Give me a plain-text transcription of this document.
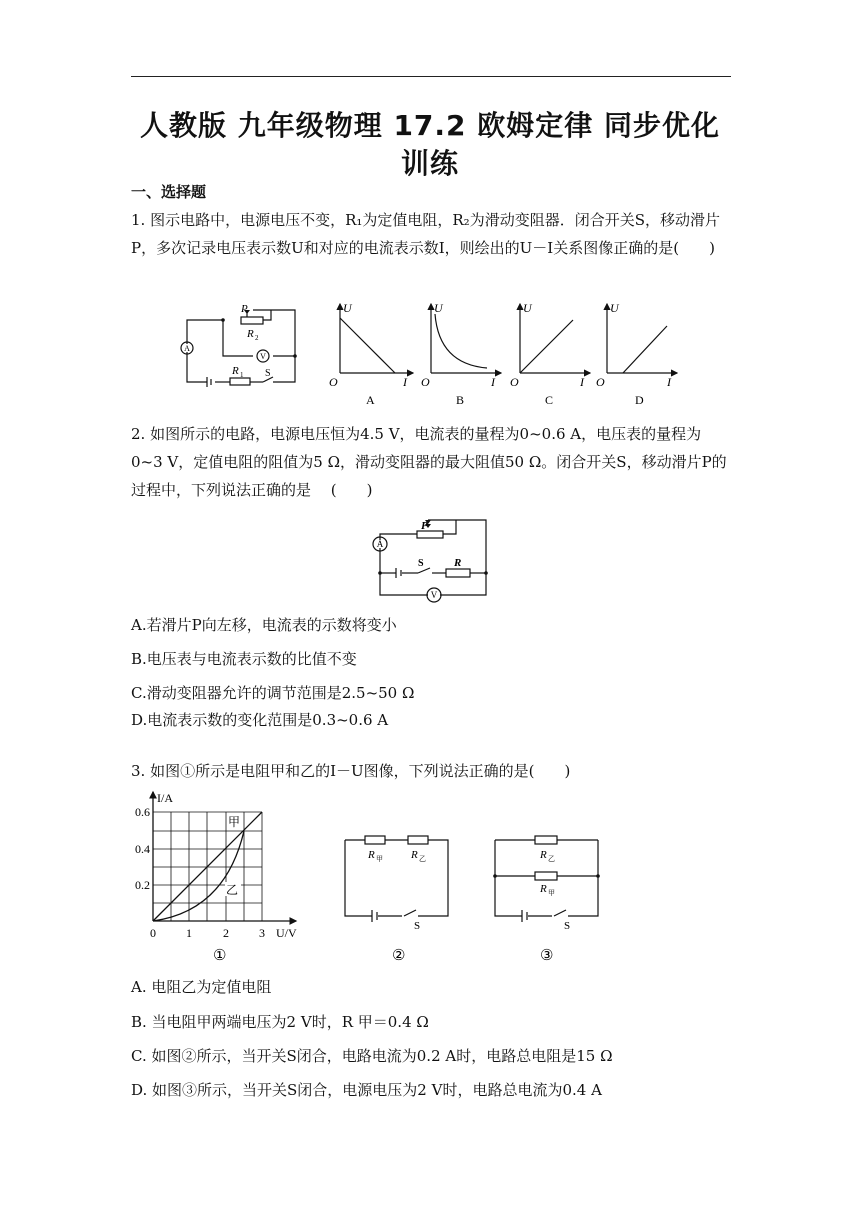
人教版 九年级物理 17.2 欧姆定律 同步优化
训练
一、选择题
1. 图示电路中，电源电压不变，R₁为定值电阻，R₂为滑动变阻器．闭合开关S，移动滑片P，多次记录电压表示数U和对应的电流表示数I，则绘出的U－I关系图像正确的是(　　)
A
V
P
R 2
R 1 S
U
O	I
U
O	I
U
O	I
U
O	I
A	B	C	D
2. 如图所示的电路，电源电压恒为4.5 V，电流表的量程为0~0.6 A，电压表的量程为0~3 V，定值电阻的阻值为5 Ω，滑动变阻器的最大阻值50 Ω。闭合开关S，移动滑片P的过程中，下列说法正确的是　 (　　)
A
V
P
S	R
A.若滑片P向左移，电流表的示数将变小
B.电压表与电流表示数的比值不变
C.滑动变阻器允许的调节范围是2.5~50 Ω
D.电流表示数的变化范围是0.3~0.6 A
3. 如图①所示是电阻甲和乙的I－U图像，下列说法正确的是(　　)
I/A
U/V
0.6
0.4
0.2
0	1	2	3
甲
乙
①
R 甲	R 乙
S
②
R 乙
R 甲
S
③
A. 电阻乙为定值电阻
B. 当电阻甲两端电压为2 V时，R 甲＝0.4 Ω
C. 如图②所示，当开关S闭合，电路电流为0.2 A时，电路总电阻是15 Ω
D. 如图③所示，当开关S闭合，电源电压为2 V时，电路总电流为0.4 A
